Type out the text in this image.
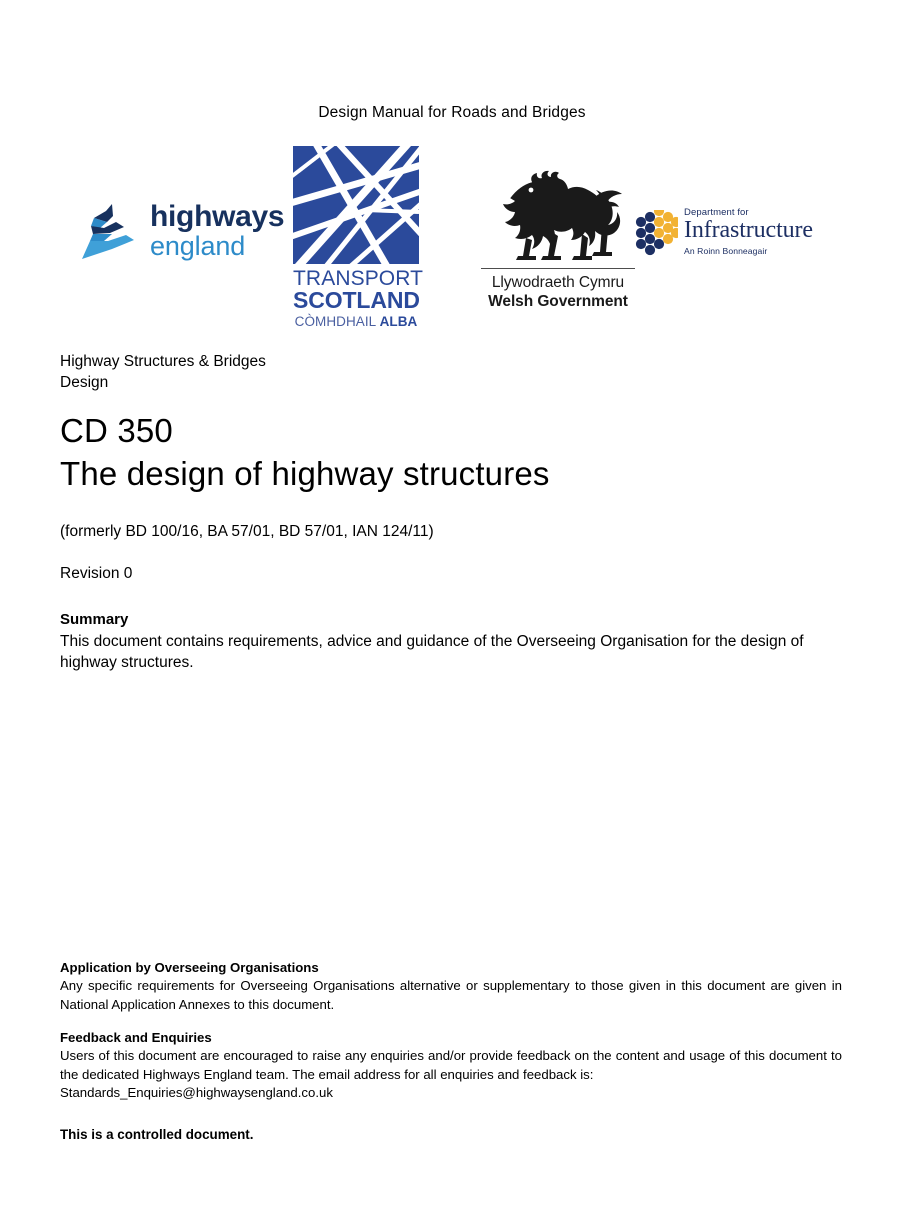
Design Manual for Roads and Bridges
highways
england
TRANSPORT
SCOTLAND
CÒMHDHAIL ALBA
Llywodraeth Cymru
Welsh Government
Department for
Infrastructure
An Roinn Bonneagair
Highway Structures & Bridges
Design
CD 350
The design of highway structures
(formerly BD 100/16, BA 57/01, BD 57/01, IAN 124/11)
Revision 0
Summary
This document contains requirements, advice and guidance of the Overseeing Organisation for the design of highway structures.
Application by Overseeing Organisations
Any specific requirements for Overseeing Organisations alternative or supplementary to those given in this document are given in National Application Annexes to this document.
Feedback and Enquiries
Users of this document are encouraged to raise any enquiries and/or provide feedback on the content and usage of this document to the dedicated Highways England team. The email address for all enquiries and feedback is:
Standards_Enquiries@highwaysengland.co.uk
This is a controlled document.
